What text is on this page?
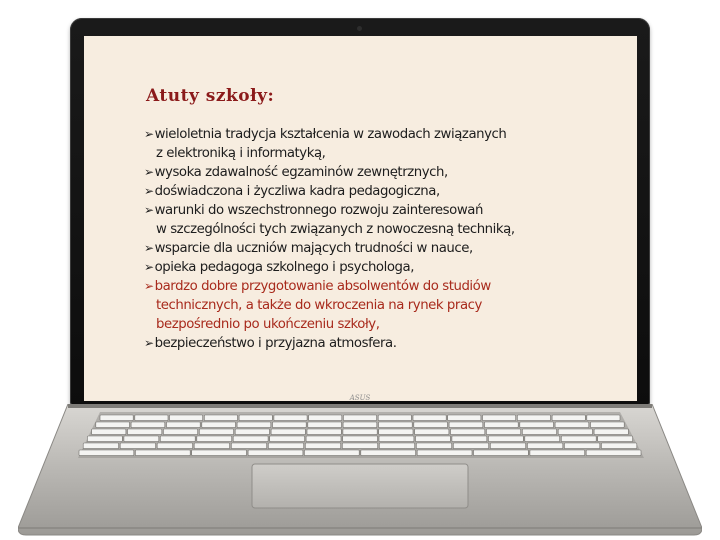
Atuty szkoły:
➢ wieloletnia tradycja kształcenia w zawodach związanych
z elektroniką i informatyką,
➢ wysoka zdawalność egzaminów zewnętrznych,
➢ doświadczona i życzliwa kadra pedagogiczna,
➢ warunki do wszechstronnego rozwoju zainteresowań
w szczególności tych związanych z nowoczesną techniką,
➢ wsparcie dla uczniów mających trudności w nauce,
➢ opieka pedagoga szkolnego i psychologa,
➢ bardzo dobre przygotowanie absolwentów do studiów
technicznych, a także do wkroczenia na rynek pracy
bezpośrednio po ukończeniu szkoły,
➢ bezpieczeństwo i przyjazna atmosfera.
ASUS
